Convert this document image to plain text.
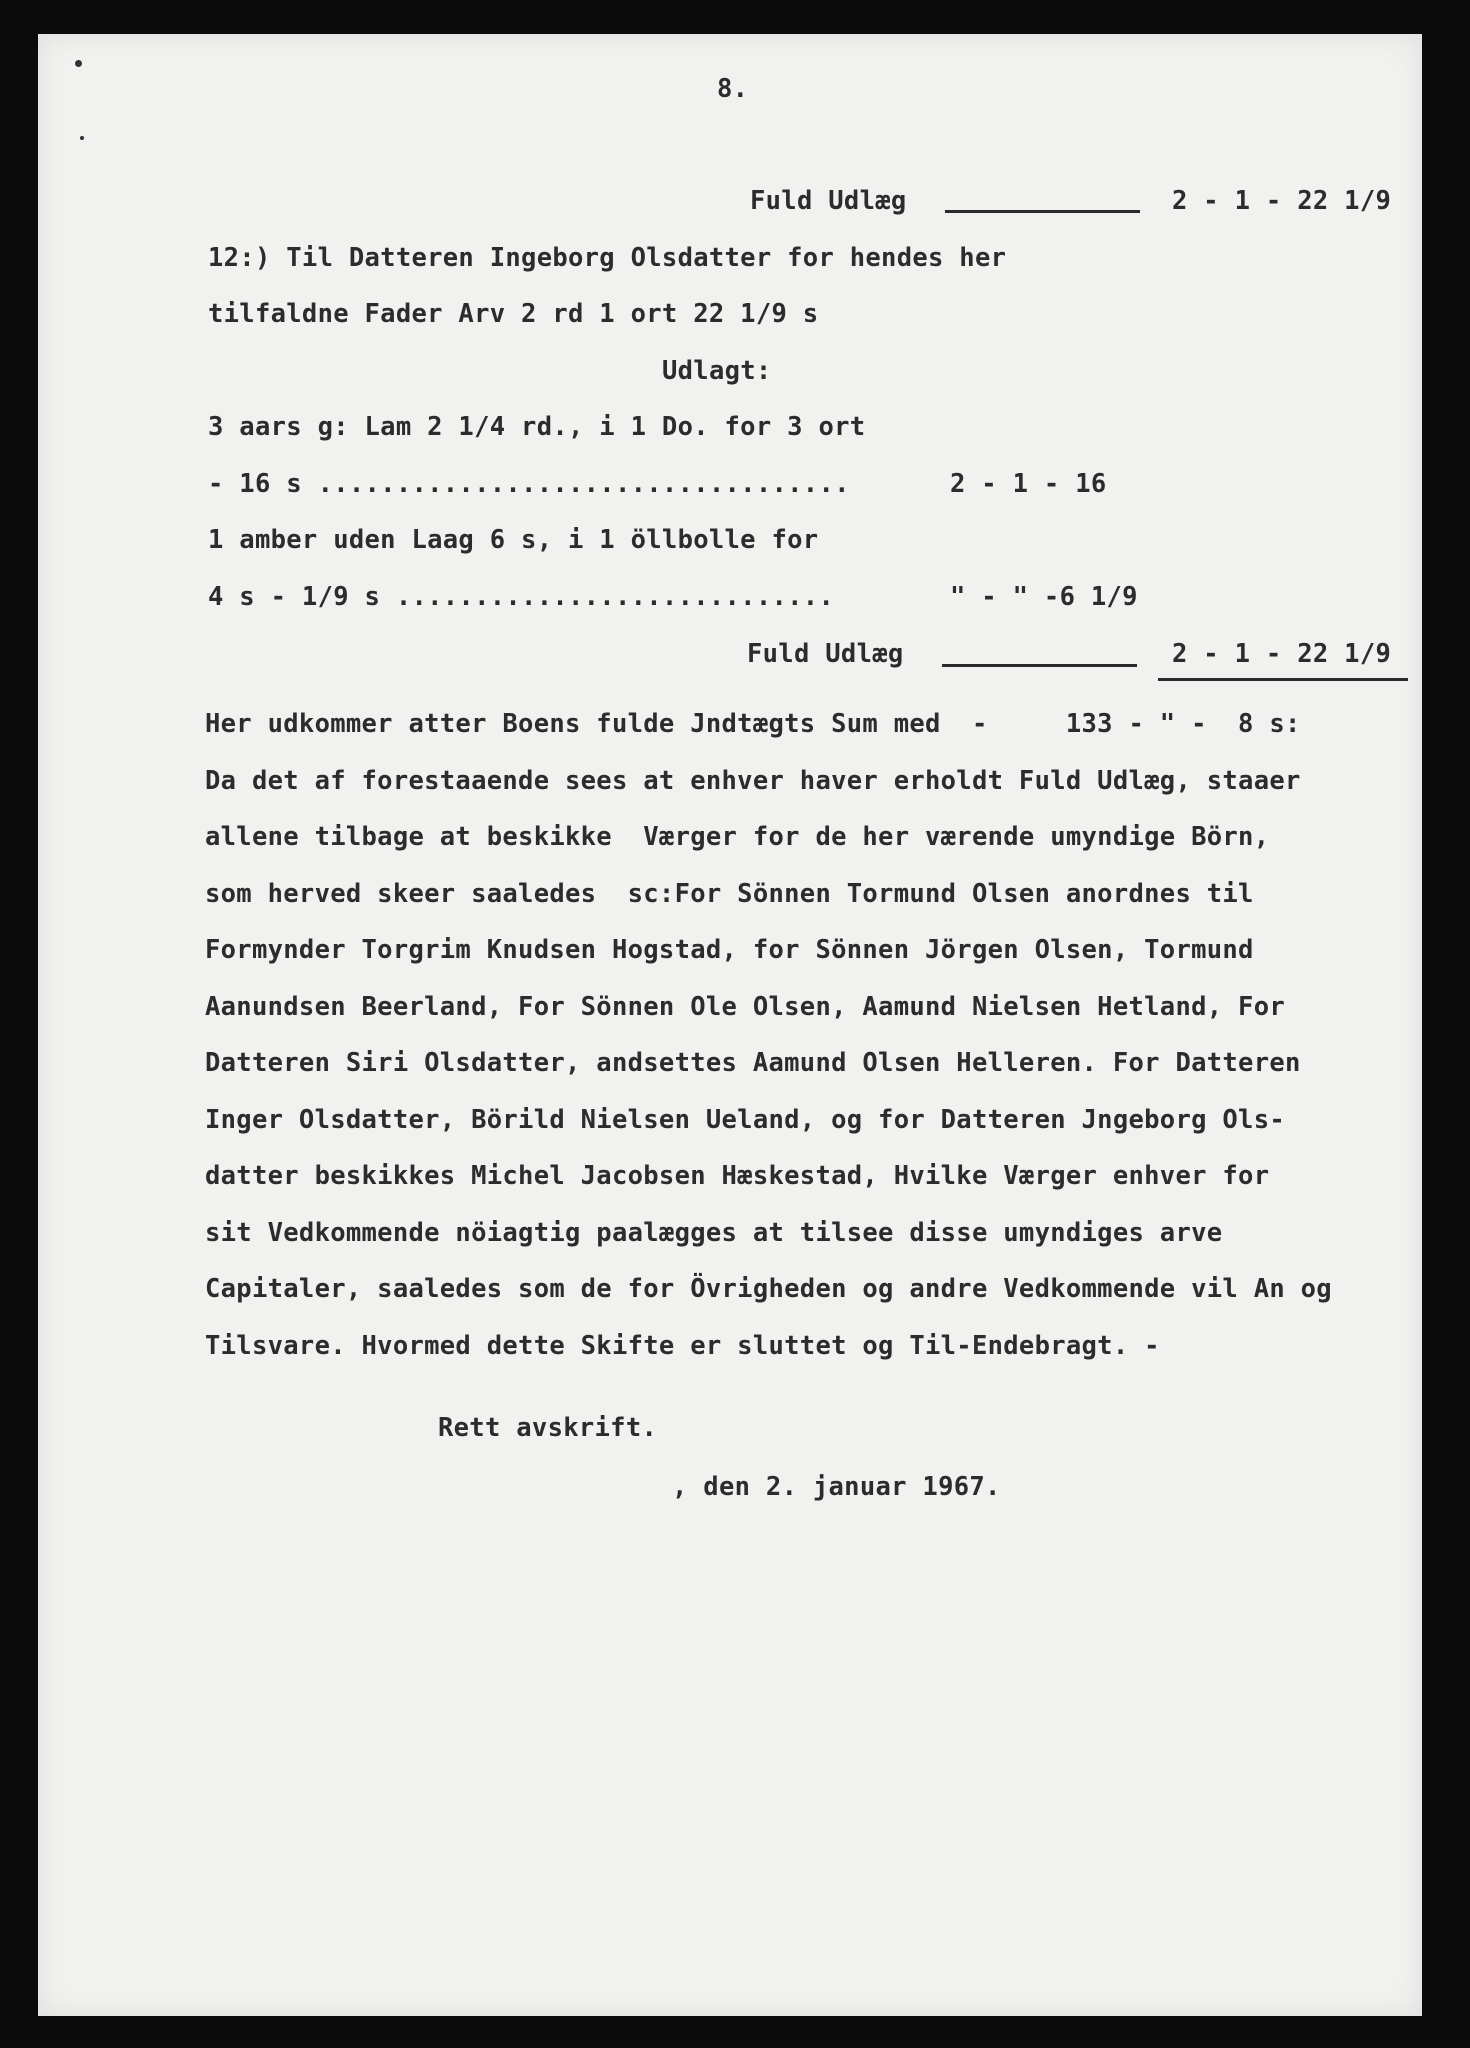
8.
Fuld Udlæg	2 - 1 - 22 1/9
12:) Til Datteren Ingeborg Olsdatter for hendes her
tilfaldne Fader Arv 2 rd 1 ort 22 1/9 s
Udlagt:
3 aars g: Lam 2 1/4 rd., i 1 Do. for 3 ort
- 16 s ..................................	2 - 1 - 16
1 amber uden Laag 6 s, i 1 öllbolle for
4 s - 1/9 s ............................	" - " -6 1/9
Fuld Udlæg	2 - 1 - 22 1/9
Her udkommer atter Boens fulde Jndtægts Sum med  -     133 - " -  8 s:
Da det af forestaaende sees at enhver haver erholdt Fuld Udlæg, staaer
allene tilbage at beskikke  Værger for de her værende umyndige Börn,
som herved skeer saaledes  sc:For Sönnen Tormund Olsen anordnes til
Formynder Torgrim Knudsen Hogstad, for Sönnen Jörgen Olsen, Tormund
Aanundsen Beerland, For Sönnen Ole Olsen, Aamund Nielsen Hetland, For
Datteren Siri Olsdatter, andsettes Aamund Olsen Helleren. For Datteren
Inger Olsdatter, Börild Nielsen Ueland, og for Datteren Jngeborg Ols-
datter beskikkes Michel Jacobsen Hæskestad, Hvilke Værger enhver for
sit Vedkommende nöiagtig paalægges at tilsee disse umyndiges arve
Capitaler, saaledes som de for Övrigheden og andre Vedkommende vil An og
Tilsvare. Hvormed dette Skifte er sluttet og Til-Endebragt. -
Rett avskrift.
, den 2. januar 1967.
